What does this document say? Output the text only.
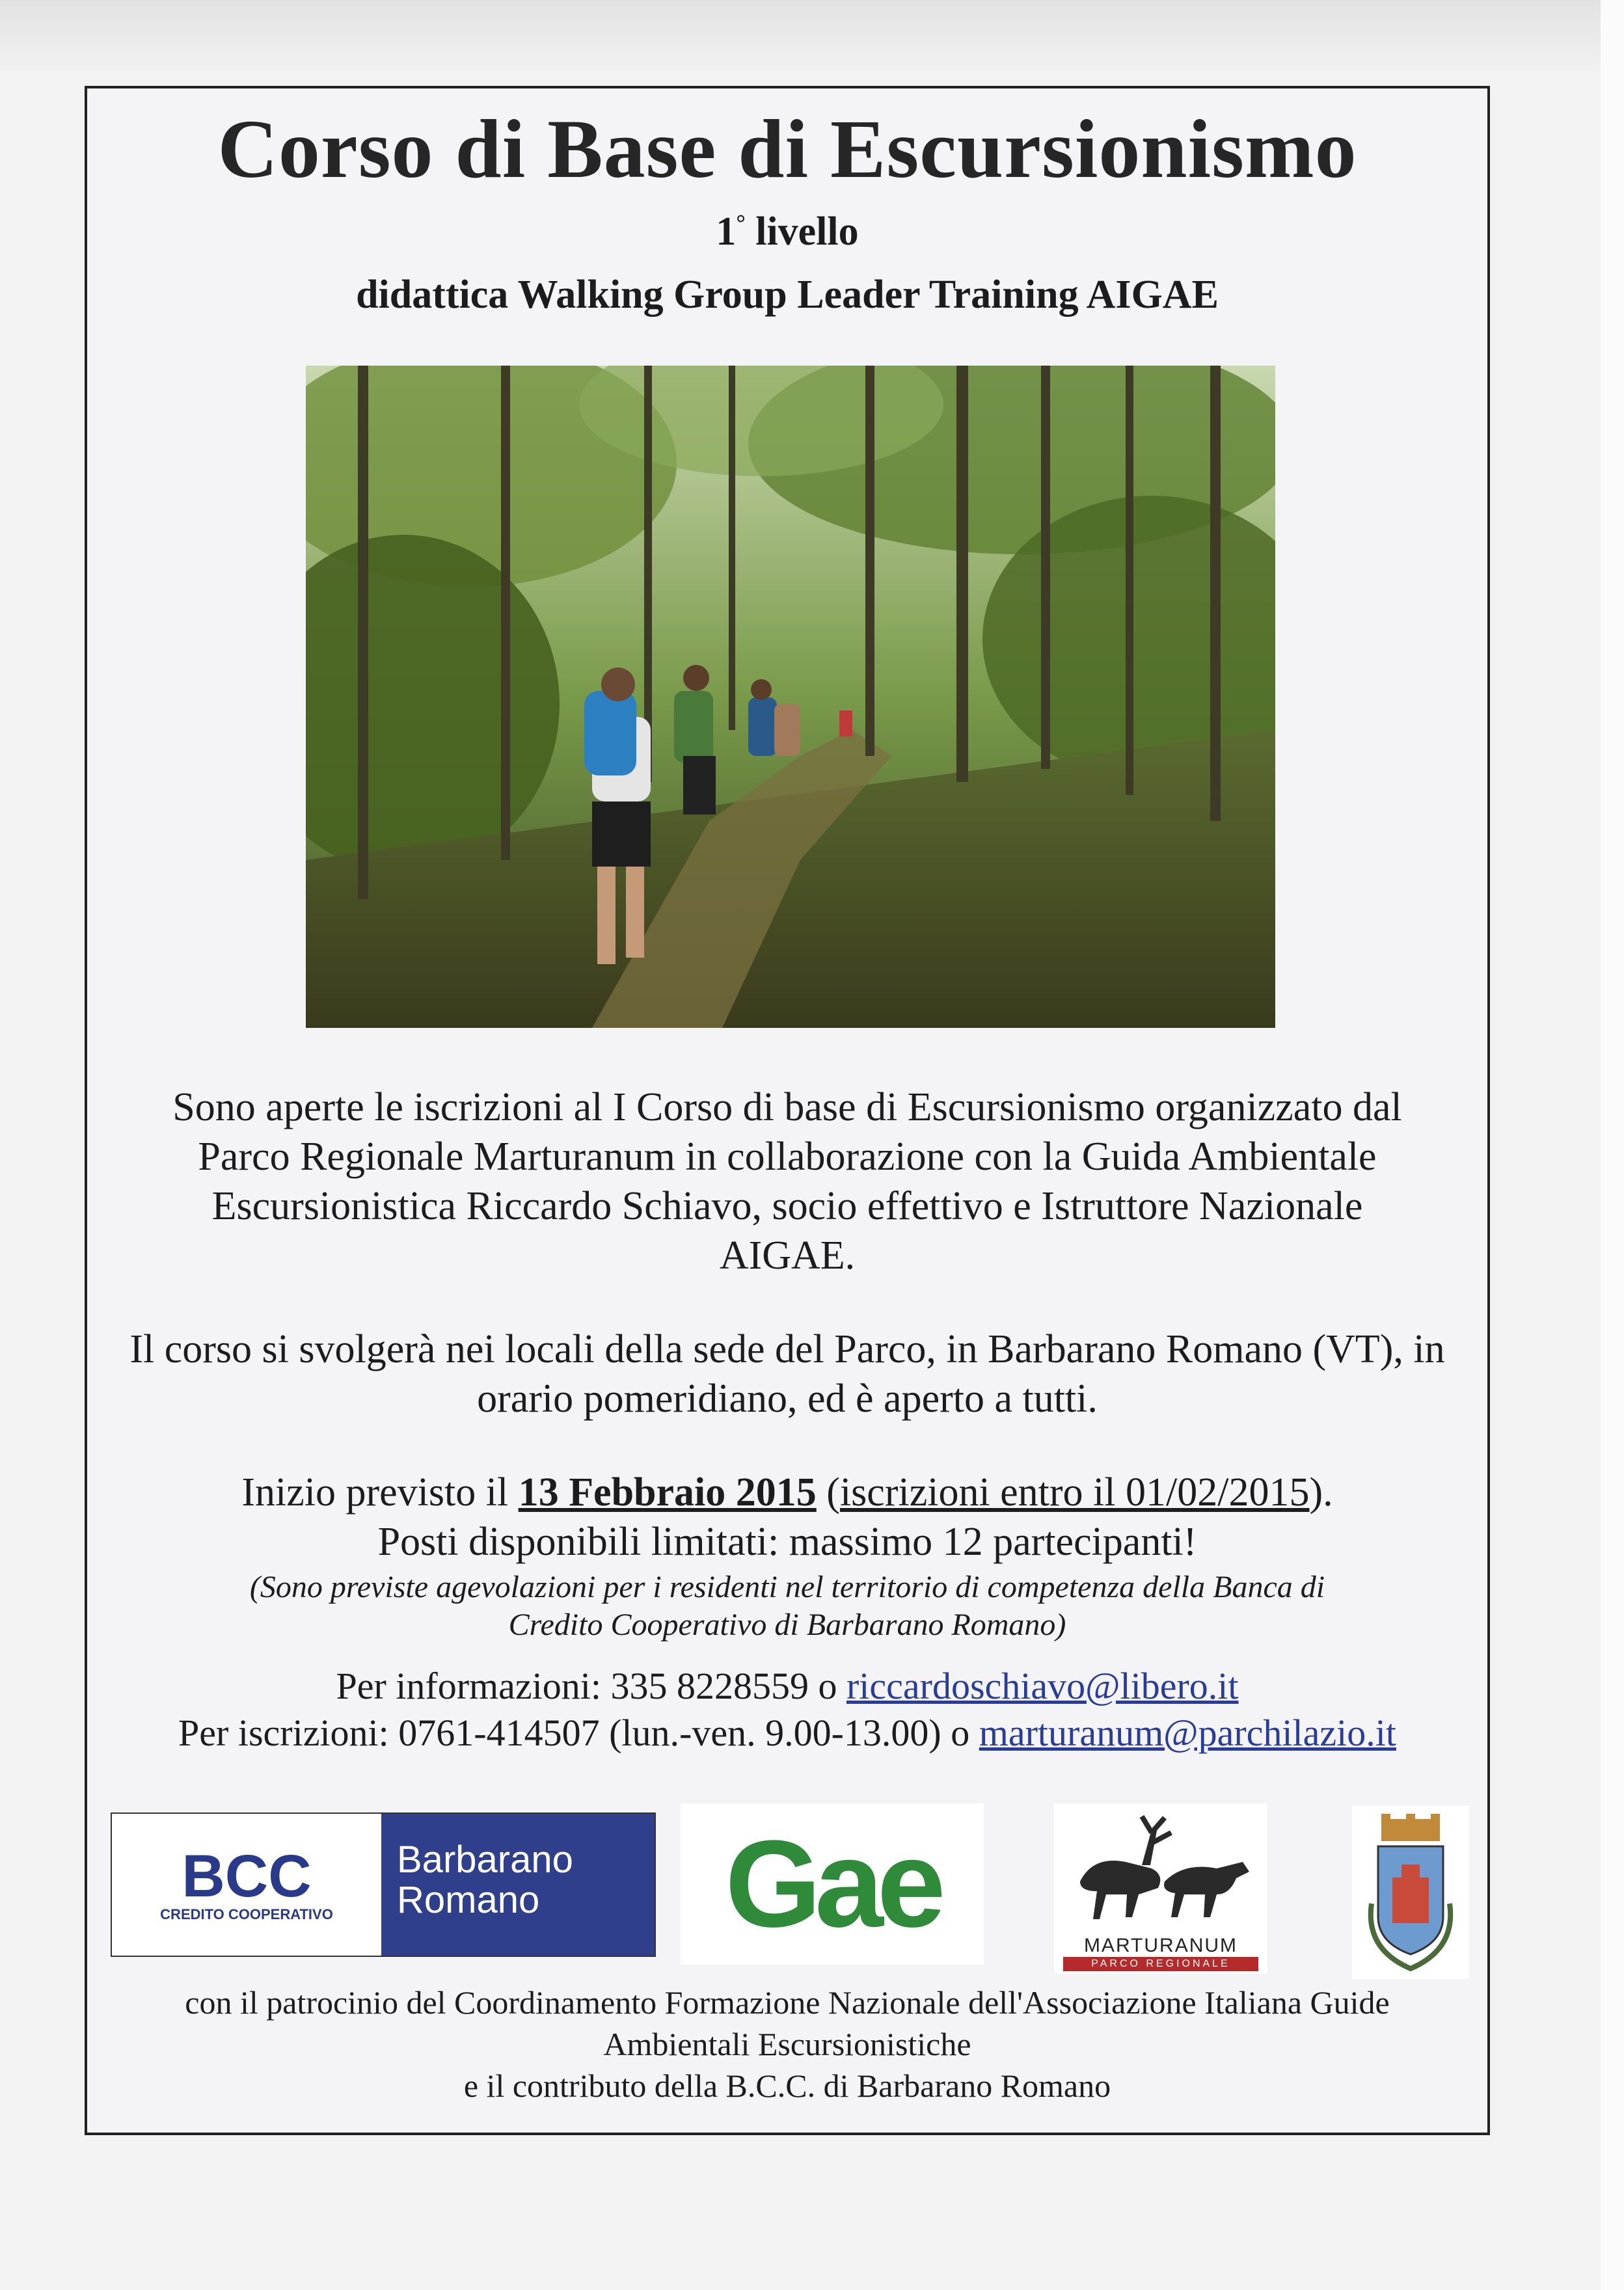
Corso di Base di Escursionismo
1° livello
didattica Walking Group Leader Training AIGAE
Sono aperte le iscrizioni al I Corso di base di Escursionismo organizzato dal Parco Regionale Marturanum in collaborazione con la Guida Ambientale Escursionistica Riccardo Schiavo, socio effettivo e Istruttore Nazionale AIGAE.
Il corso si svolgerà nei locali della sede del Parco, in Barbarano Romano (VT), in orario pomeridiano, ed è aperto a tutti.
Inizio previsto il 13 Febbraio 2015 (iscrizioni entro il 01/02/2015).
Posti disponibili limitati: massimo 12 partecipanti!
(Sono previste agevolazioni per i residenti nel territorio di competenza della Banca di Credito Cooperativo di Barbarano Romano)
Per informazioni: 335 8228559 o riccardoschiavo@libero.it
Per iscrizioni: 0761-414507 (lun.-ven. 9.00-13.00) o marturanum@parchilazio.it
BCC
CREDITO COOPERATIVO
Barbarano
Romano	Gae	MARTURANUM
PARCO REGIONALE
con il patrocinio del Coordinamento Formazione Nazionale dell'Associazione Italiana Guide
Ambientali Escursionistiche
e il contributo della B.C.C. di Barbarano Romano
